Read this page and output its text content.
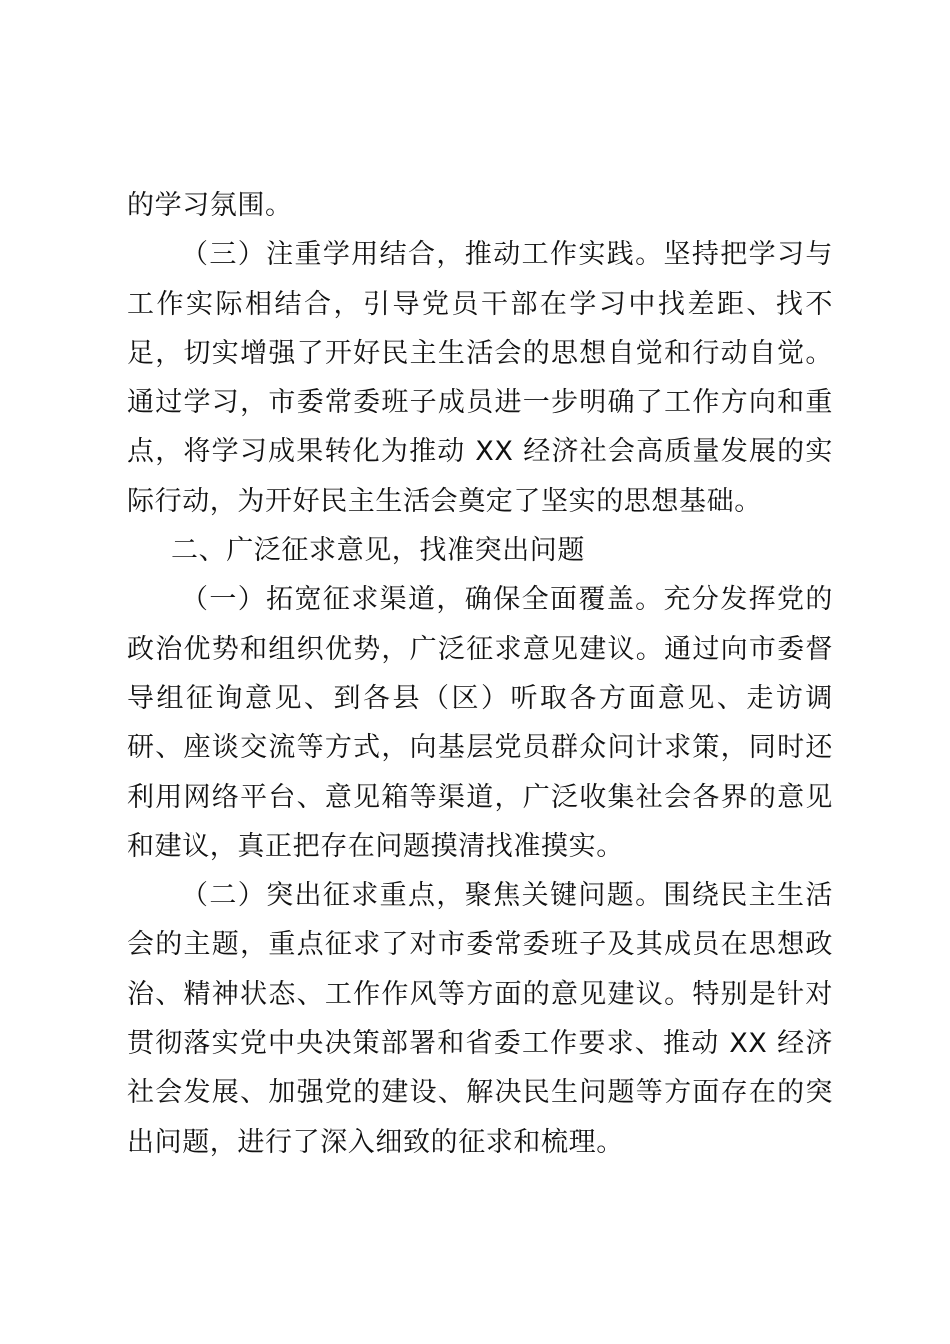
的学习氛围。

（三）注重学用结合，推动工作实践。坚持把学习与工作实际相结合，引导党员干部在学习中找差距、找不足，切实增强了开好民主生活会的思想自觉和行动自觉。通过学习，市委常委班子成员进一步明确了工作方向和重点，将学习成果转化为推动 XX 经济社会高质量发展的实际行动，为开好民主生活会奠定了坚实的思想基础。

二、广泛征求意见，找准突出问题

（一）拓宽征求渠道，确保全面覆盖。充分发挥党的政治优势和组织优势，广泛征求意见建议。通过向市委督导组征询意见、到各县（区）听取各方面意见、走访调研、座谈交流等方式，向基层党员群众问计求策，同时还利用网络平台、意见箱等渠道，广泛收集社会各界的意见和建议，真正把存在问题摸清找准摸实。

（二）突出征求重点，聚焦关键问题。围绕民主生活会的主题，重点征求了对市委常委班子及其成员在思想政治、精神状态、工作作风等方面的意见建议。特别是针对贯彻落实党中央决策部署和省委工作要求、推动 XX 经济社会发展、加强党的建设、解决民生问题等方面存在的突出问题，进行了深入细致的征求和梳理。
